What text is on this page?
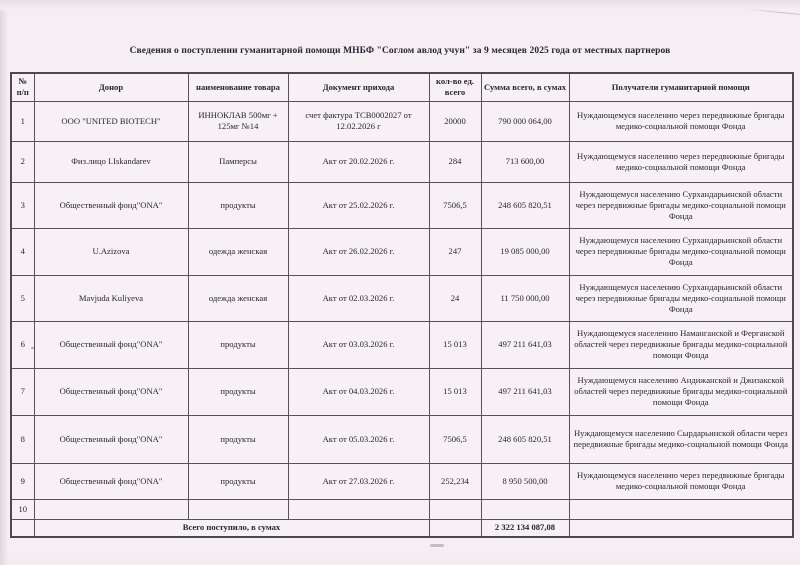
Сведения о поступлении гуманитарной помощи МНБФ "Соглом авлод учун" за 9 месяцев 2025 года от местных партнеров
№ п/п	Донор	наименование товара	Документ прихода	кол-во ед. всего	Сумма всего, в сумах	Получатели гуманитарной помощи
1	ООО "UNITED BIOTECH"	ИННОКЛАВ 500мг + 125мг №14	счет фактура ТСВ0002027 от 12.02.2026 г	20000	790 000 064,00	Нуждающемуся населению через передвижные бригады медико-социальной помощи Фонда
2	Физ.лицо I.Iskandarev	Памперсы	Акт от 20.02.2026 г.	284	713 600,00	Нуждающемуся населению через передвижные бригады медико-социальной помощи Фонда
3	Общественный фонд"ONA"	продукты	Акт от 25.02.2026 г.	7506,5	248 605 820,51	Нуждающемуся населению Сурхандарьинской области через передвижные бригады медико-социальной помощи Фонда
4	U.Azizova	одежда женская	Акт от 26.02.2026 г.	247	19 085 000,00	Нуждающемуся населению Сурхандарьинской области через передвижные бригады медико-социальной помощи Фонда
5	Mavjuda Kuliyeva	одежда женская	Акт от 02.03.2026 г.	24	11 750 000,00	Нуждающемуся населению Сурхандарьинской области через передвижные бригады медико-социальной помощи Фонда
6	Общественный фонд"ONA"	продукты	Акт от 03.03.2026 г.	15 013	497 211 641,03	Нуждающемуся населению Наманганской и Ферганской областей через передвижные бригады медико-социальной помощи Фонда
7	Общественный фонд"ONA"	продукты	Акт от 04.03.2026 г.	15 013	497 211 641,03	Нуждающемуся населению Андижанской и Джизакской областей через передвижные бригады медико-социальной помощи Фонда
8	Общественный фонд"ONA"	продукты	Акт от 05.03.2026 г.	7506,5	248 605 820,51	Нуждающемуся населению Сырдарьинской области через передвижные бригады медико-социальной помощи Фонда
9	Общественный фонд"ONA"	продукты	Акт от 27.03.2026 г.	252,234	8 950 500,00	Нуждающемуся населению через передвижные бригады медико-социальной помощи Фонда
10						
	Всего поступило, в сумах				2 322 134 087,08	
